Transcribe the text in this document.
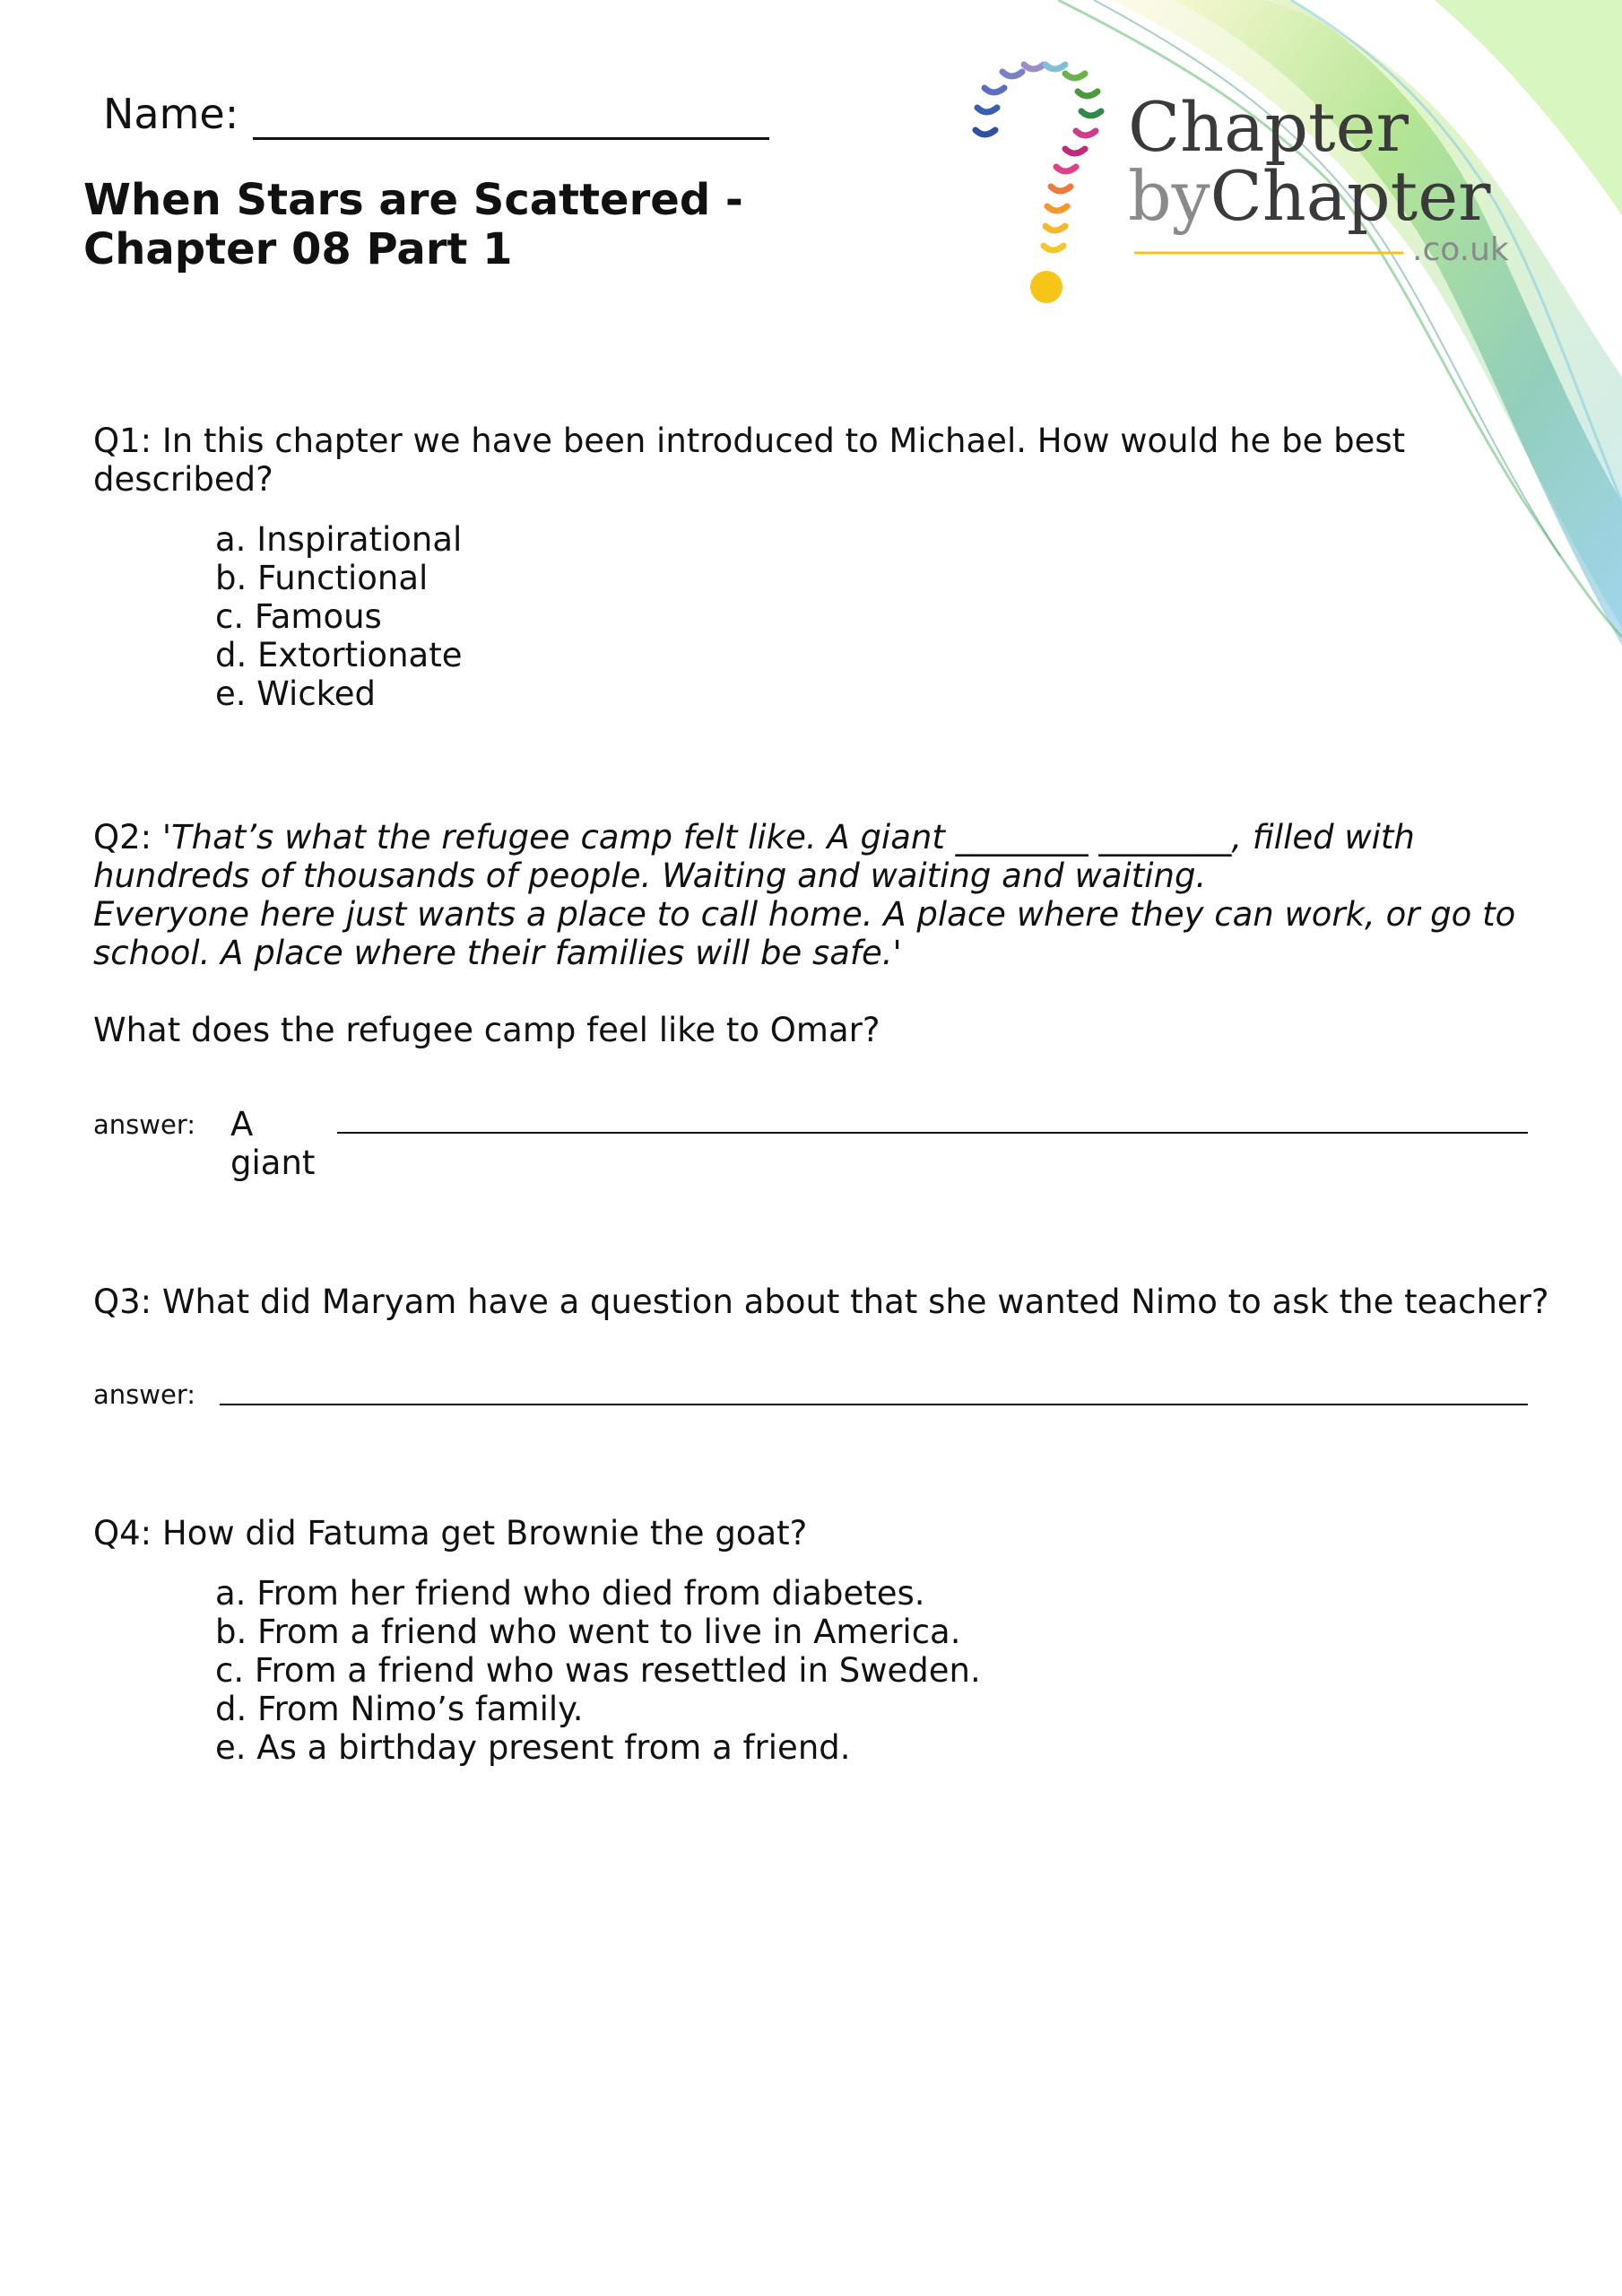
Chapter
byChapter
.co.uk
Name:
When Stars are Scattered -
Chapter 08 Part 1
Q1: In this chapter we have been introduced to Michael. How would he be best described?
a. Inspirational
b. Functional
c. Famous
d. Extortionate
e. Wicked
Q2: 'That’s what the refugee camp felt like. A giant ________ ________, filled with
hundreds of thousands of people. Waiting and waiting and waiting.
Everyone here just wants a place to call home. A place where they can work, or go to
school. A place where their families will be safe.'
What does the refugee camp feel like to Omar?
answer: A
giant
Q3: What did Maryam have a question about that she wanted Nimo to ask the teacher?
answer:
Q4: How did Fatuma get Brownie the goat?
a. From her friend who died from diabetes.
b. From a friend who went to live in America.
c. From a friend who was resettled in Sweden.
d. From Nimo’s family.
e. As a birthday present from a friend.
